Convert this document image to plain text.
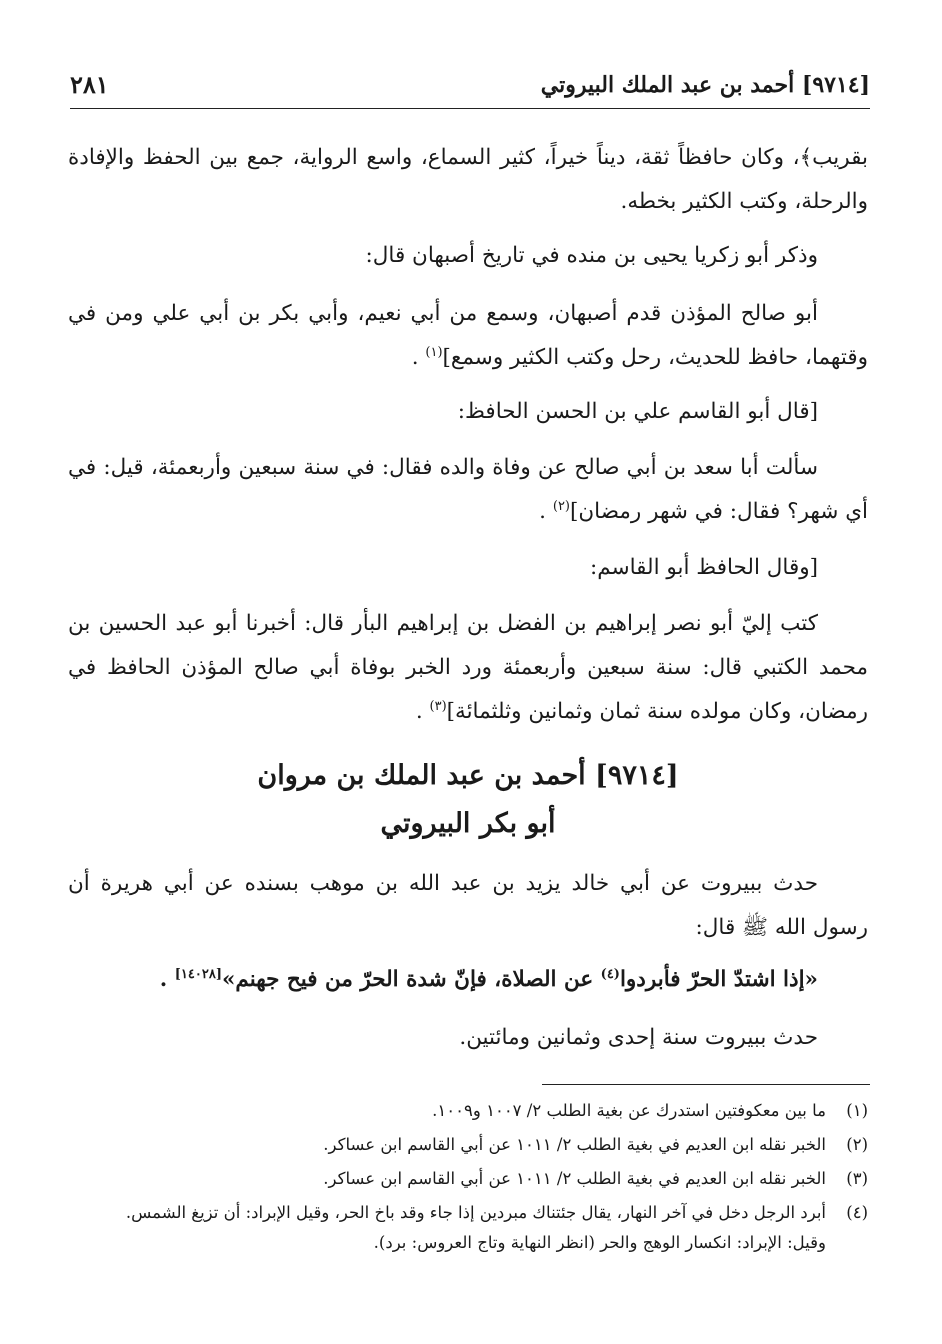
[٩٧١٤] أحمد بن عبد الملك البيروتي
٢٨١

بقريب﴾، وكان حافظاً ثقة، ديناً خيراً، كثير السماع، واسع الرواية، جمع بين الحفظ والإفادة والرحلة، وكتب الكثير بخطه.

وذكر أبو زكريا يحيى بن منده في تاريخ أصبهان قال:

أبو صالح المؤذن قدم أصبهان، وسمع من أبي نعيم، وأبي بكر بن أبي علي ومن في وقتهما، حافظ للحديث، رحل وكتب الكثير وسمع]$^{(١)}$ .

[قال أبو القاسم علي بن الحسن الحافظ:

سألت أبا سعد بن أبي صالح عن وفاة والده فقال: في سنة سبعين وأربعمئة، قيل: في أي شهر؟ فقال: في شهر رمضان]$^{(٢)}$ .

[وقال الحافظ أبو القاسم:

كتب إليّ أبو نصر إبراهيم بن الفضل بن إبراهيم البأر قال: أخبرنا أبو عبد الحسين بن محمد الكتبي قال: سنة سبعين وأربعمئة ورد الخبر بوفاة أبي صالح المؤذن الحافظ في رمضان، وكان مولده سنة ثمان وثمانين وثلثمائة]$^{(٣)}$ .

[٩٧١٤] أحمد بن عبد الملك بن مروان
أبو بكر البيروتي

حدث ببيروت عن أبي خالد يزيد بن عبد الله بن موهب بسنده عن أبي هريرة أن رسول الله ﷺ قال:

«إذا اشتدّ الحرّ فأبردوا$^{(٤)}$ عن الصلاة، فإنّ شدة الحرّ من فيح جهنم»[١٤٠٢٨] .

حدث ببيروت سنة إحدى وثمانين ومائتين.

(١)
ما بين معكوفتين استدرك عن بغية الطلب ٢/ ١٠٠٧ و١٠٠٩.
(٢)
الخبر نقله ابن العديم في بغية الطلب ٢/ ١٠١١ عن أبي القاسم ابن عساكر.
(٣)
الخبر نقله ابن العديم في بغية الطلب ٢/ ١٠١١ عن أبي القاسم ابن عساكر.
(٤)
أبرد الرجل دخل في آخر النهار، يقال جئتناك مبردين إذا جاء وقد باخ الحر، وقيل الإبراد: أن تزيغ الشمس.
وقيل: الإبراد: انكسار الوهج والحر (انظر النهاية وتاج العروس: برد).
